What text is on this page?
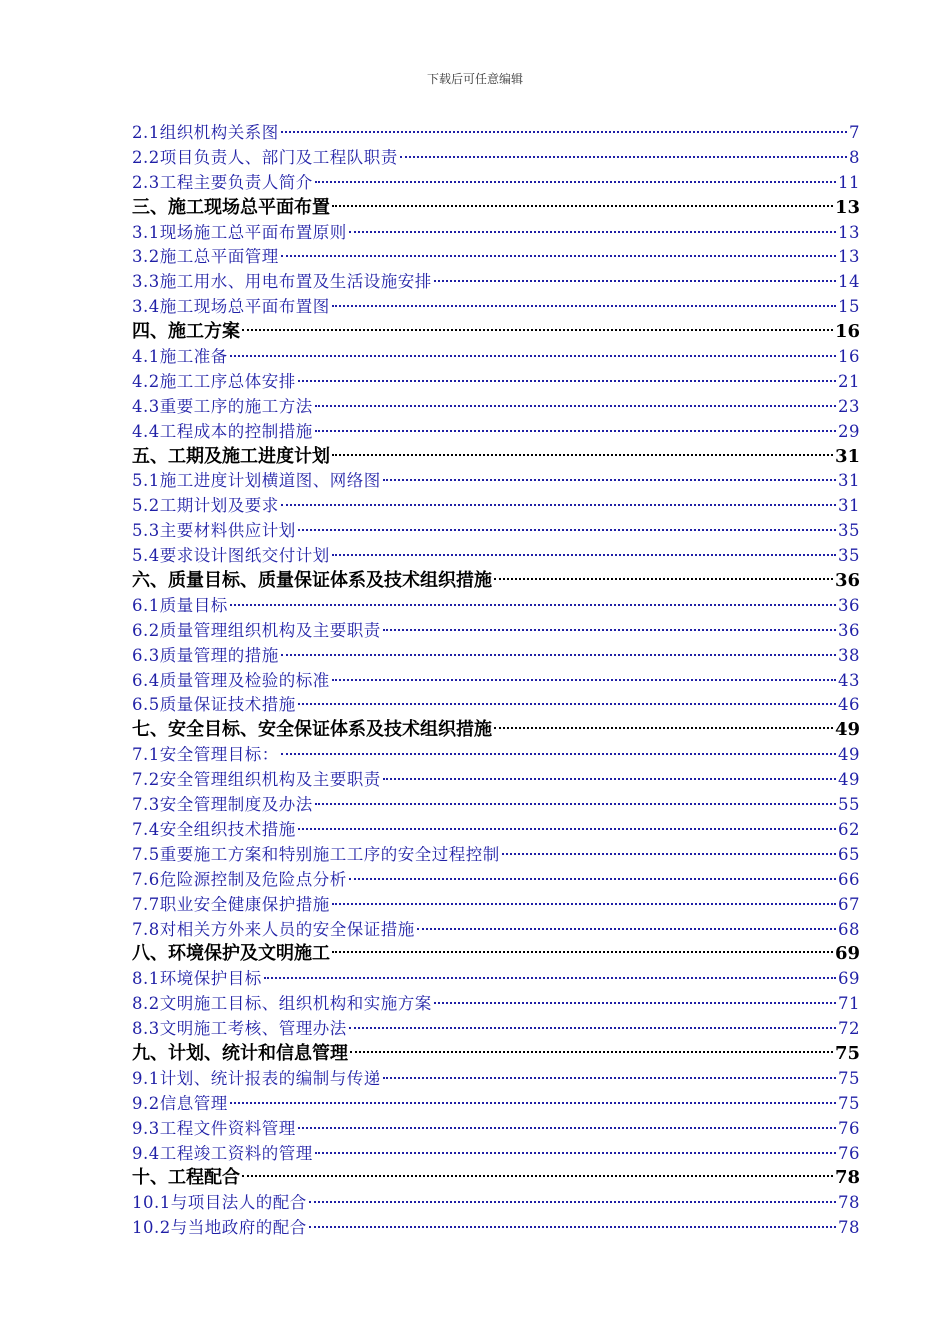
下载后可任意编辑
2.1组织机构关系图	7
2.2项目负责人、部门及工程队职责	8
2.3工程主要负责人简介	11
三、施工现场总平面布置	13
3.1现场施工总平面布置原则	13
3.2施工总平面管理	13
3.3施工用水、用电布置及生活设施安排	14
3.4施工现场总平面布置图	15
四、施工方案	16
4.1施工准备	16
4.2施工工序总体安排	21
4.3重要工序的施工方法	23
4.4工程成本的控制措施	29
五、工期及施工进度计划	31
5.1施工进度计划横道图、网络图	31
5.2工期计划及要求	31
5.3主要材料供应计划	35
5.4要求设计图纸交付计划	35
六、质量目标、质量保证体系及技术组织措施	36
6.1质量目标	36
6.2质量管理组织机构及主要职责	36
6.3质量管理的措施	38
6.4质量管理及检验的标准	43
6.5质量保证技术措施	46
七、安全目标、安全保证体系及技术组织措施	49
7.1安全管理目标：	49
7.2安全管理组织机构及主要职责	49
7.3安全管理制度及办法	55
7.4安全组织技术措施	62
7.5重要施工方案和特别施工工序的安全过程控制	65
7.6危险源控制及危险点分析	66
7.7职业安全健康保护措施	67
7.8对相关方外来人员的安全保证措施	68
八、环境保护及文明施工	69
8.1环境保护目标	69
8.2文明施工目标、组织机构和实施方案	71
8.3文明施工考核、管理办法	72
九、计划、统计和信息管理	75
9.1计划、统计报表的编制与传递	75
9.2信息管理	75
9.3工程文件资料管理	76
9.4工程竣工资料的管理	76
十、工程配合	78
10.1与项目法人的配合	78
10.2与当地政府的配合	78
